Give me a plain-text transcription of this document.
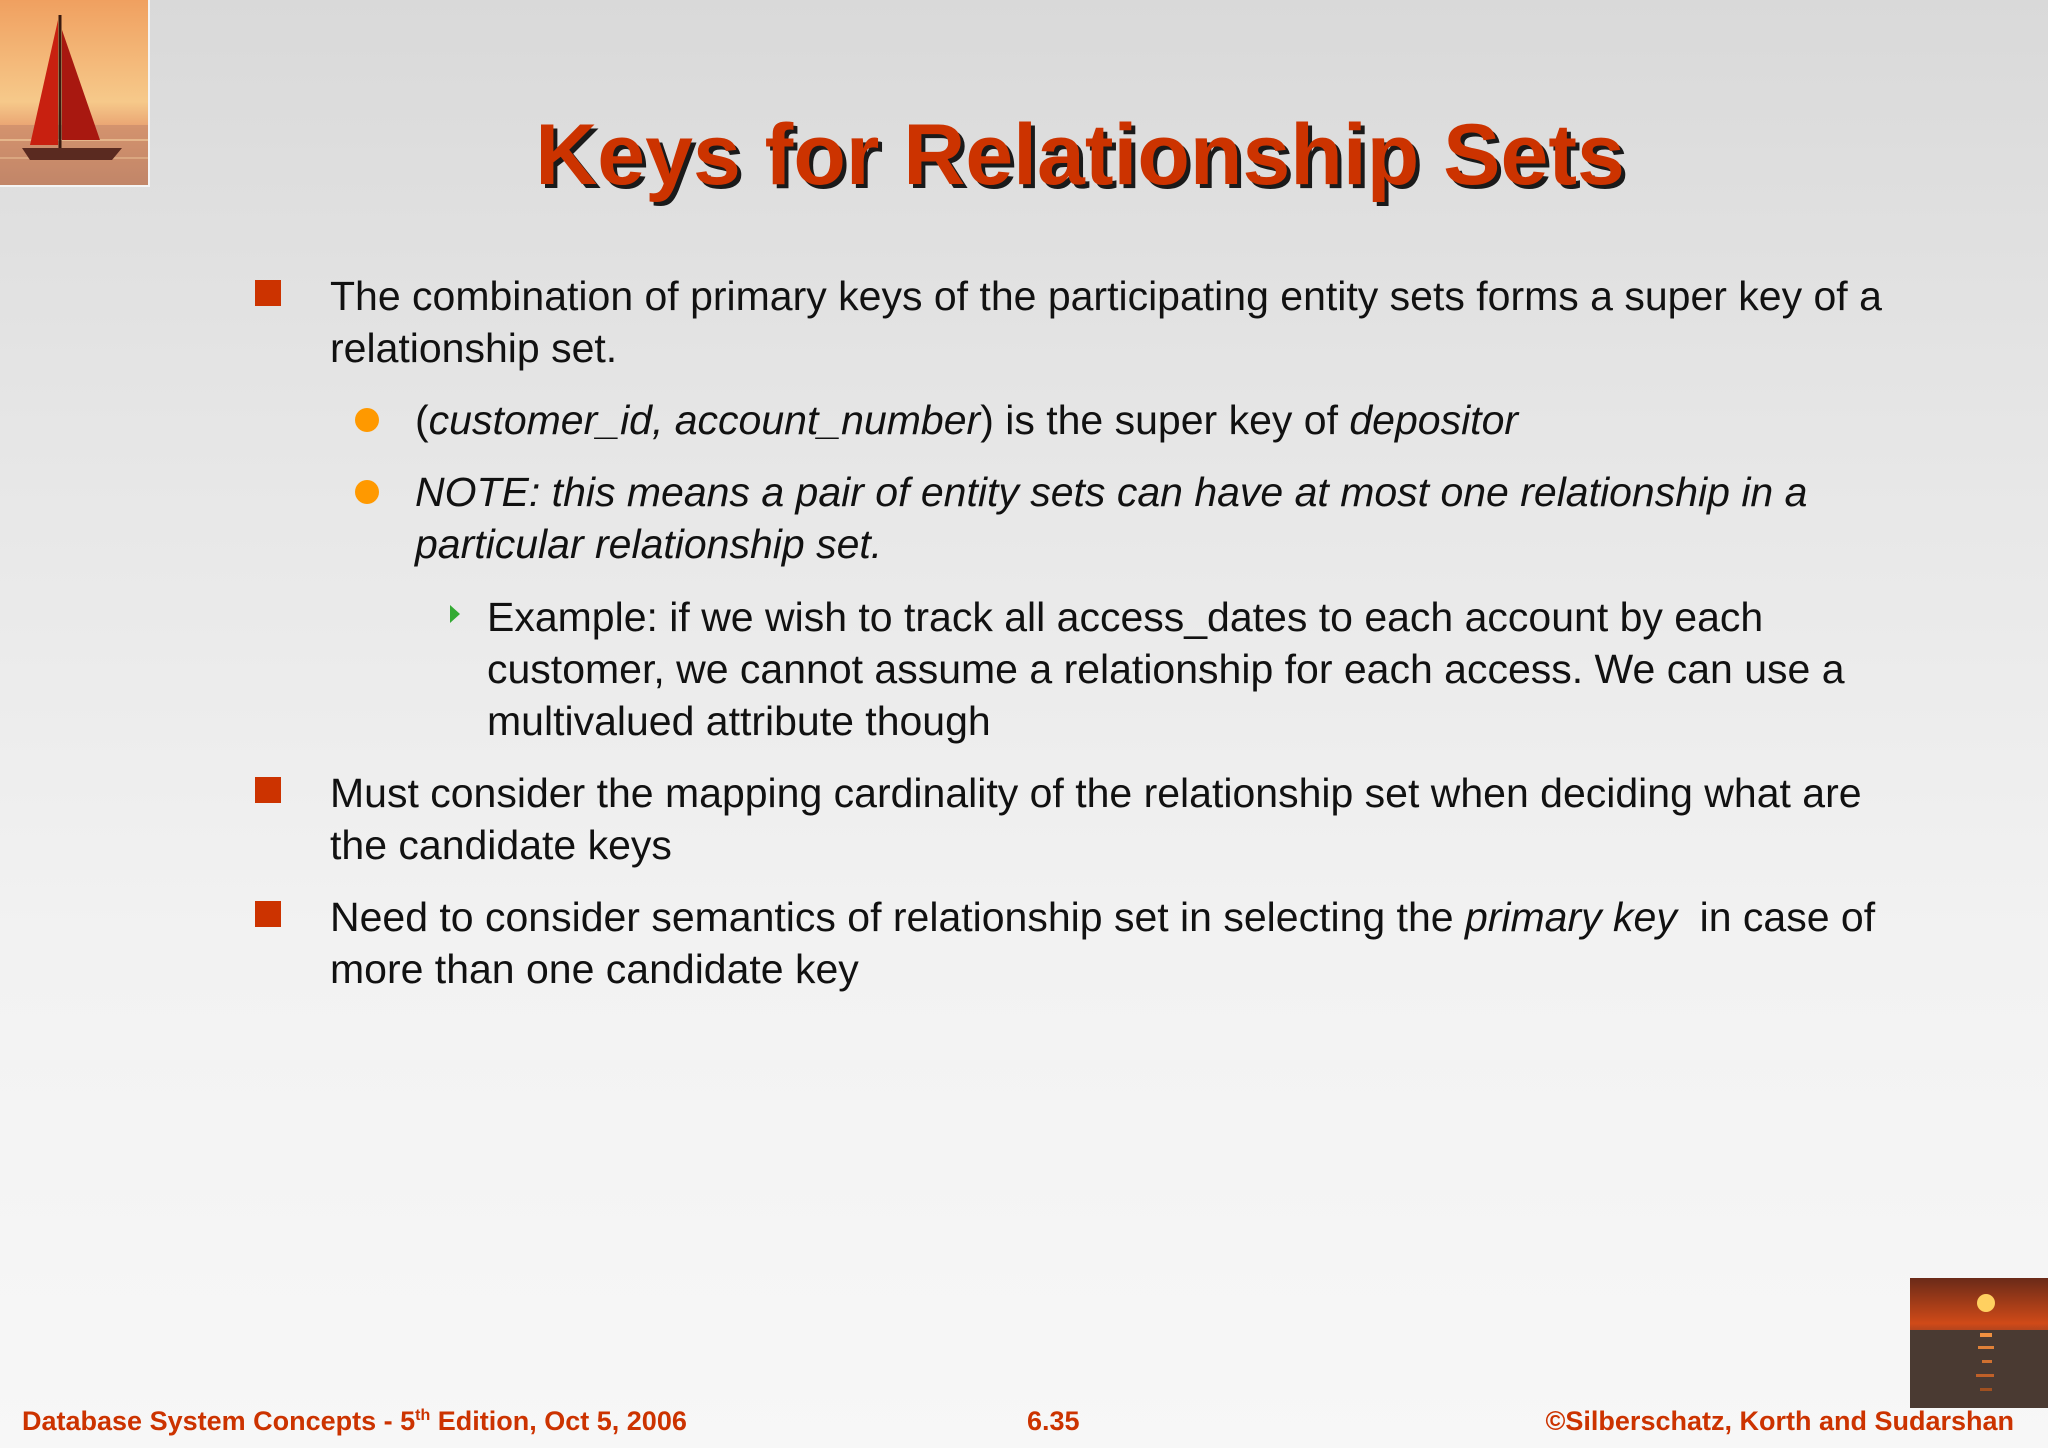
Keys for Relationship Sets
The combination of primary keys of the participating entity sets forms a super key of a relationship set.
(customer_id, account_number) is the super key of depositor
NOTE: this means a pair of entity sets can have at most one relationship in a particular relationship set.
Example: if we wish to track all access_dates to each account by each customer, we cannot assume a relationship for each access. We can use a multivalued attribute though
Must consider the mapping cardinality of the relationship set when deciding what are the candidate keys
Need to consider semantics of relationship set in selecting the primary key  in case of more than one candidate key
Database System Concepts - 5th Edition, Oct 5, 2006	6.35	©Silberschatz, Korth and Sudarshan
